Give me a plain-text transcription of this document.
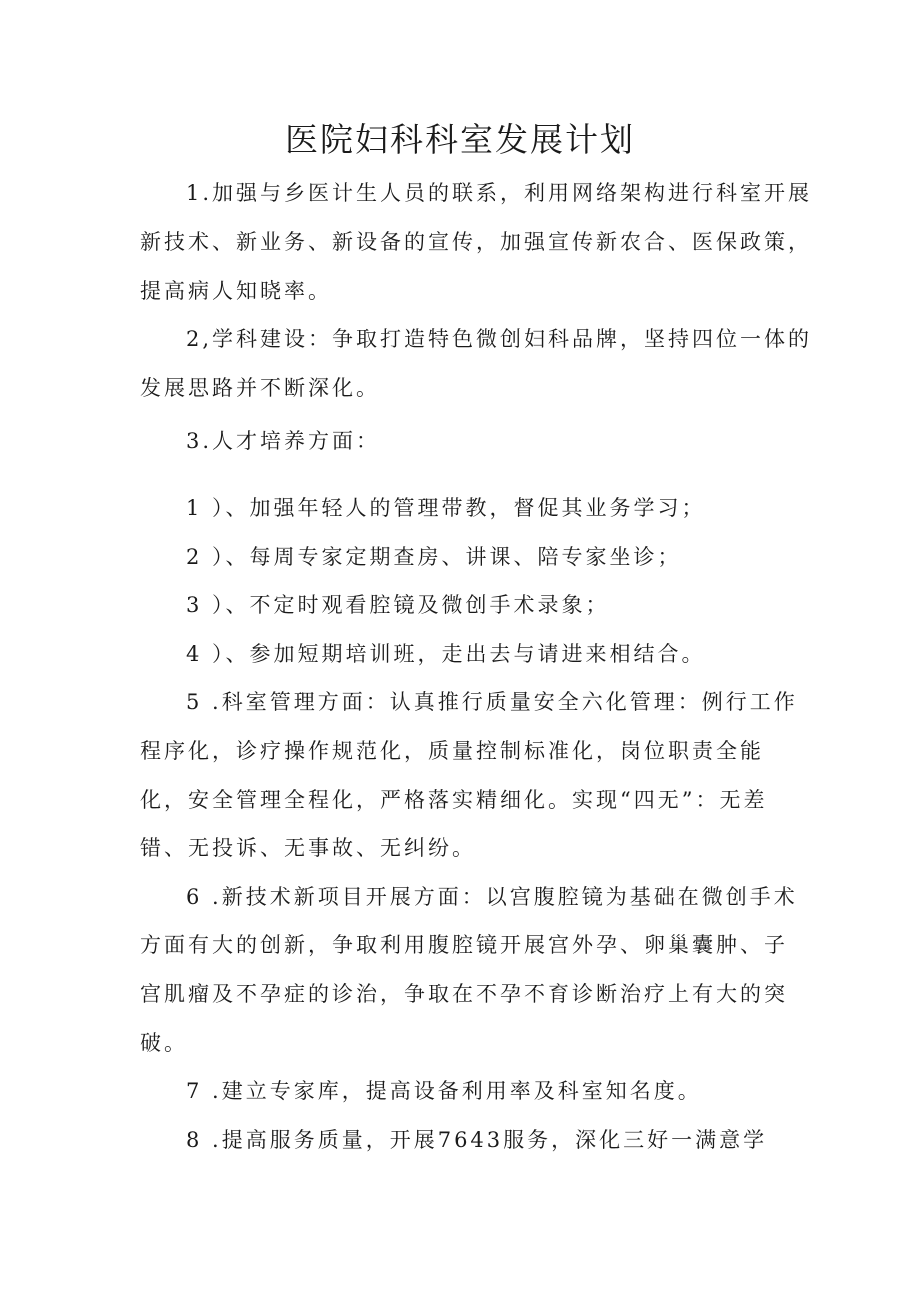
医院妇科科室发展计划

1.加强与乡医计生人员的联系，利用网络架构进行科室开展

新技术、新业务、新设备的宣传，加强宣传新农合、医保政策，

提高病人知晓率。

2,学科建设：争取打造特色微创妇科品牌，坚持四位一体的

发展思路并不断深化。

3.人才培养方面：

1 ）、加强年轻人的管理带教，督促其业务学习；

2 ）、每周专家定期查房、讲课、陪专家坐诊；

3 ）、不定时观看腔镜及微创手术录象；

4 ）、参加短期培训班，走出去与请进来相结合。

5 .科室管理方面：认真推行质量安全六化管理：例行工作

程序化，诊疗操作规范化，质量控制标准化，岗位职责全能

化，安全管理全程化，严格落实精细化。实现“四无”：无差

错、无投诉、无事故、无纠纷。

6 .新技术新项目开展方面：以宫腹腔镜为基础在微创手术

方面有大的创新，争取利用腹腔镜开展宫外孕、卵巢囊肿、子

宫肌瘤及不孕症的诊治，争取在不孕不育诊断治疗上有大的突

破。

7 .建立专家库，提高设备利用率及科室知名度。

8 .提高服务质量，开展7643服务，深化三好一满意学
